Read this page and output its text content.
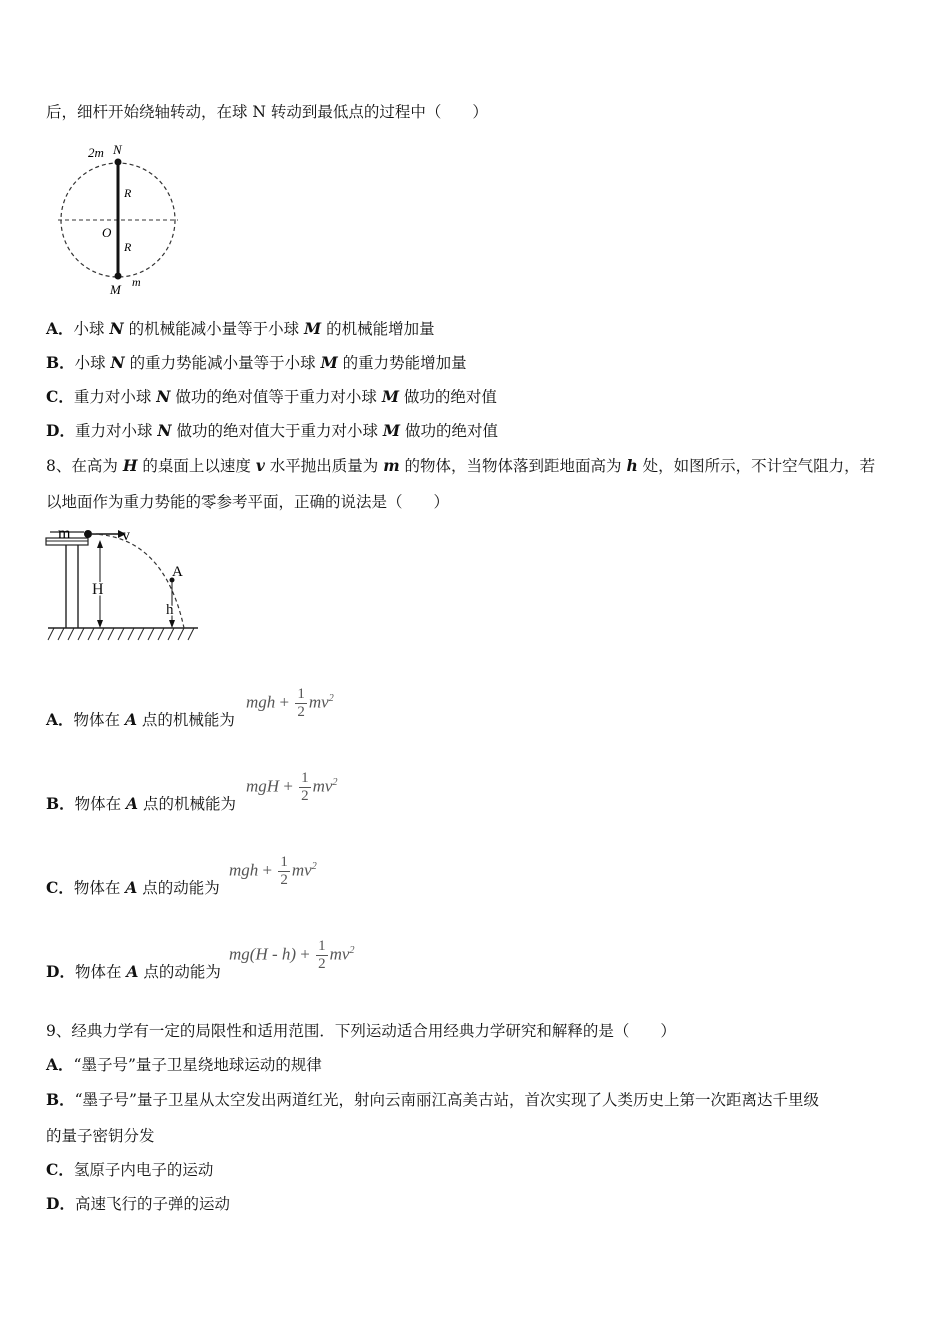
后，细杆开始绕轴转动，在球 N 转动到最低点的过程中（　　）
2m N
R
O
R
M m
A．小球 N 的机械能减小量等于小球 M 的机械能增加量
B．小球 N 的重力势能减小量等于小球 M 的重力势能增加量
C．重力对小球 N 做功的绝对值等于重力对小球 M 做功的绝对值
D．重力对小球 N 做功的绝对值大于重力对小球 M 做功的绝对值
8、在高为 H 的桌面上以速度 v 水平抛出质量为 m 的物体，当物体落到距地面高为 h 处，如图所示，不计空气阻力，若
以地面作为重力势能的零参考平面，正确的说法是（　　）
m	v
H
A
h
A．物体在 A 点的机械能为
mgh + $\frac{1}{2} mv^2$
B．物体在 A 点的机械能为
mgH + $\frac{1}{2} mv^2$
C．物体在 A 点的动能为
mgh + $\frac{1}{2} mv^2$
D．物体在 A 点的动能为
$mg(H - h) + \frac{1}{2} mv^2$
9、经典力学有一定的局限性和适用范围．下列运动适合用经典力学研究和解释的是（　　）
A．“墨子号”量子卫星绕地球运动的规律
B．“墨子号”量子卫星从太空发出两道红光，射向云南丽江高美古站，首次实现了人类历史上第一次距离达千里级
的量子密钥分发
C．氢原子内电子的运动
D．高速飞行的子弹的运动
